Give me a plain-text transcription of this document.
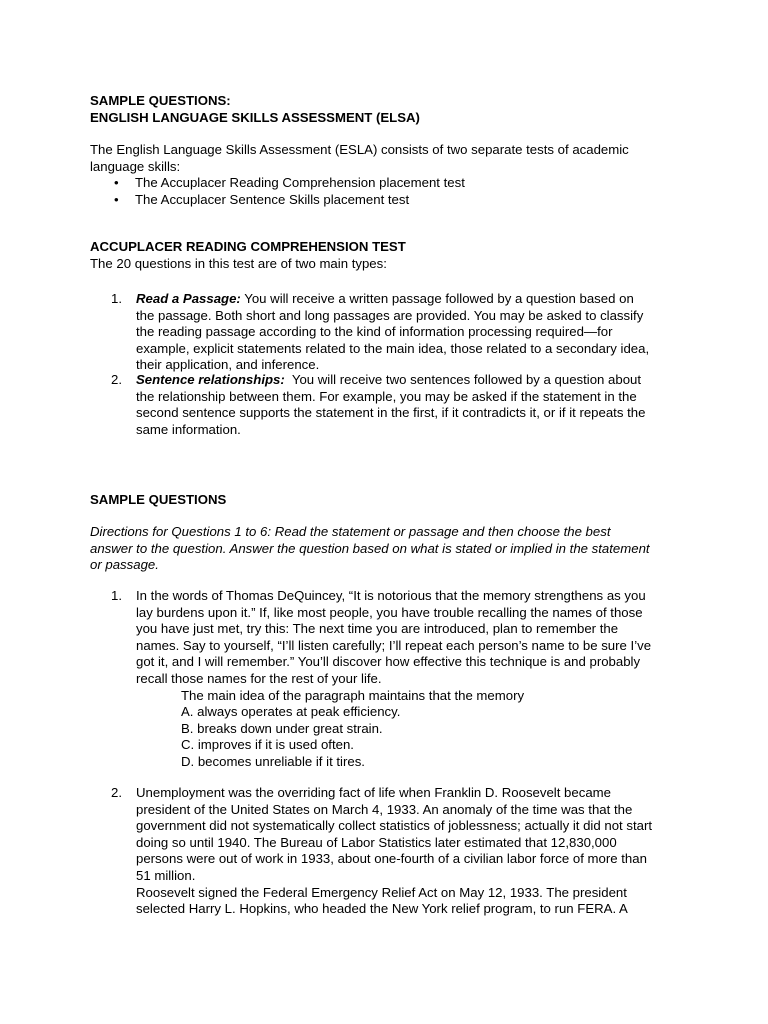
SAMPLE QUESTIONS:
ENGLISH LANGUAGE SKILLS ASSESSMENT (ELSA)
The English Language Skills Assessment (ESLA) consists of two separate tests of academic
language skills:
• The Accuplacer Reading Comprehension placement test
• The Accuplacer Sentence Skills placement test
ACCUPLACER READING COMPREHENSION TEST
The 20 questions in this test are of two main types:
1. Read a Passage: You will receive a written passage followed by a question based on
the passage. Both short and long passages are provided. You may be asked to classify
the reading passage according to the kind of information processing required—for
example, explicit statements related to the main idea, those related to a secondary idea,
their application, and inference.
2. Sentence relationships:  You will receive two sentences followed by a question about
the relationship between them. For example, you may be asked if the statement in the
second sentence supports the statement in the first, if it contradicts it, or if it repeats the
same information.
SAMPLE QUESTIONS
Directions for Questions 1 to 6: Read the statement or passage and then choose the best
answer to the question. Answer the question based on what is stated or implied in the statement
or passage.
1. In the words of Thomas DeQuincey, “It is notorious that the memory strengthens as you
lay burdens upon it.” If, like most people, you have trouble recalling the names of those
you have just met, try this: The next time you are introduced, plan to remember the
names. Say to yourself, “I’ll listen carefully; I’ll repeat each person’s name to be sure I’ve
got it, and I will remember.” You’ll discover how effective this technique is and probably
recall those names for the rest of your life.
The main idea of the paragraph maintains that the memory
A. always operates at peak efficiency.
B. breaks down under great strain.
C. improves if it is used often.
D. becomes unreliable if it tires.
2. Unemployment was the overriding fact of life when Franklin D. Roosevelt became
president of the United States on March 4, 1933. An anomaly of the time was that the
government did not systematically collect statistics of joblessness; actually it did not start
doing so until 1940. The Bureau of Labor Statistics later estimated that 12,830,000
persons were out of work in 1933, about one-fourth of a civilian labor force of more than
51 million.
Roosevelt signed the Federal Emergency Relief Act on May 12, 1933. The president
selected Harry L. Hopkins, who headed the New York relief program, to run FERA. A
